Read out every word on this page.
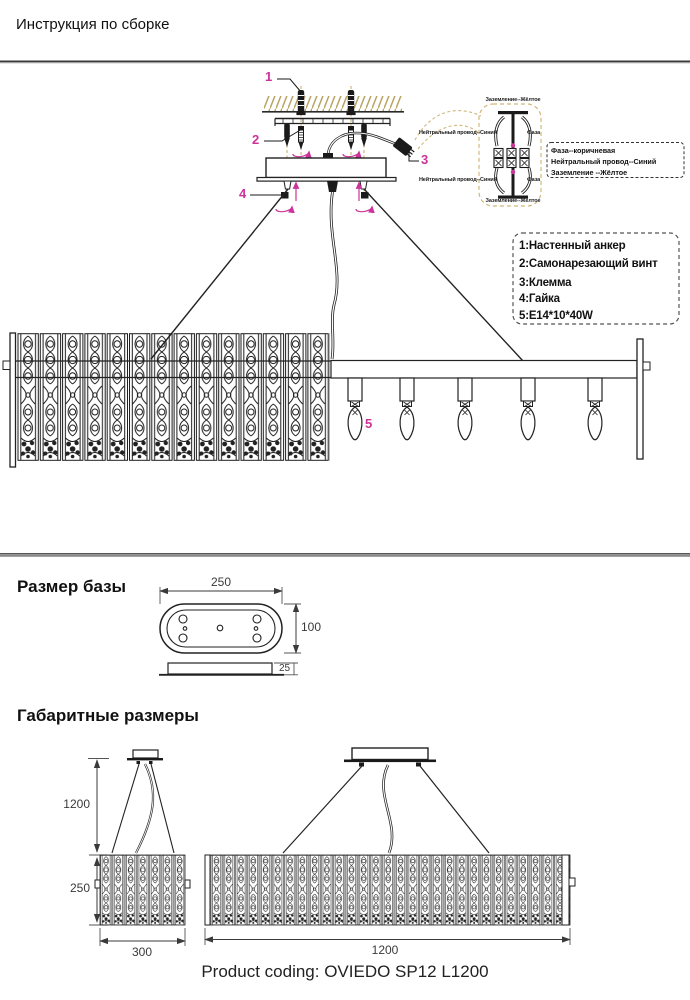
Инструкция по сборке
1
2
3
4
5
Заземление--Жёлтое
Нейтральный провод--Синий	Фаза
Нейтральный провод--Синий	Фаза
Заземление--Жёлтое
Фаза--коричневая
Нейтральный провод--Синий
Заземление --Жёлтое
1:Настенный анкер
2:Самонарезающий винт
3:Клемма
4:Гайка
5:E14*10*40W
Размер базы	250
100
25
Габаритные размеры
1200
250
300	1200
Product coding: OVIEDO SP12 L1200
